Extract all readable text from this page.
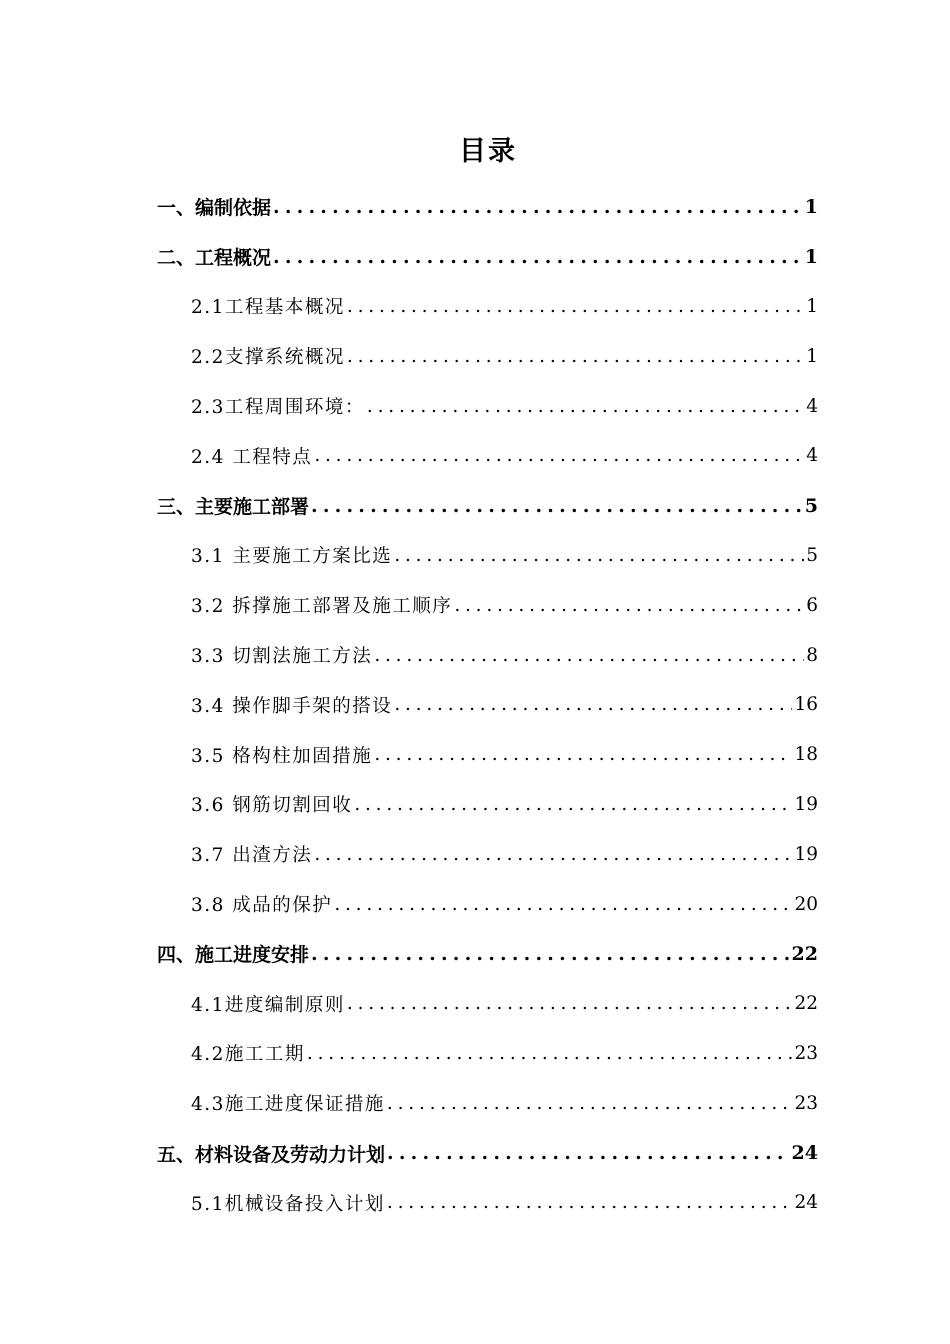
目录
一、编制依据 .....	1
二、工程概况 .....	1
2.1工程基本概况 .....	1
2.2支撑系统概况 .....	1
2.3工程周围环境： .....	4
2.4 工程特点 .....	4
三、主要施工部署 .....	5
3.1 主要施工方案比选 .....	5
3.2 拆撑施工部署及施工顺序 .....	6
3.3 切割法施工方法 .....	8
3.4 操作脚手架的搭设 .....	16
3.5 格构柱加固措施 .....	18
3.6 钢筋切割回收 .....	19
3.7 出渣方法 .....	19
3.8 成品的保护 .....	20
四、施工进度安排 .....	22
4.1进度编制原则 .....	22
4.2施工工期 .....	23
4.3施工进度保证措施 .....	23
五、材料设备及劳动力计划 .....	24
5.1机械设备投入计划 .....	24
